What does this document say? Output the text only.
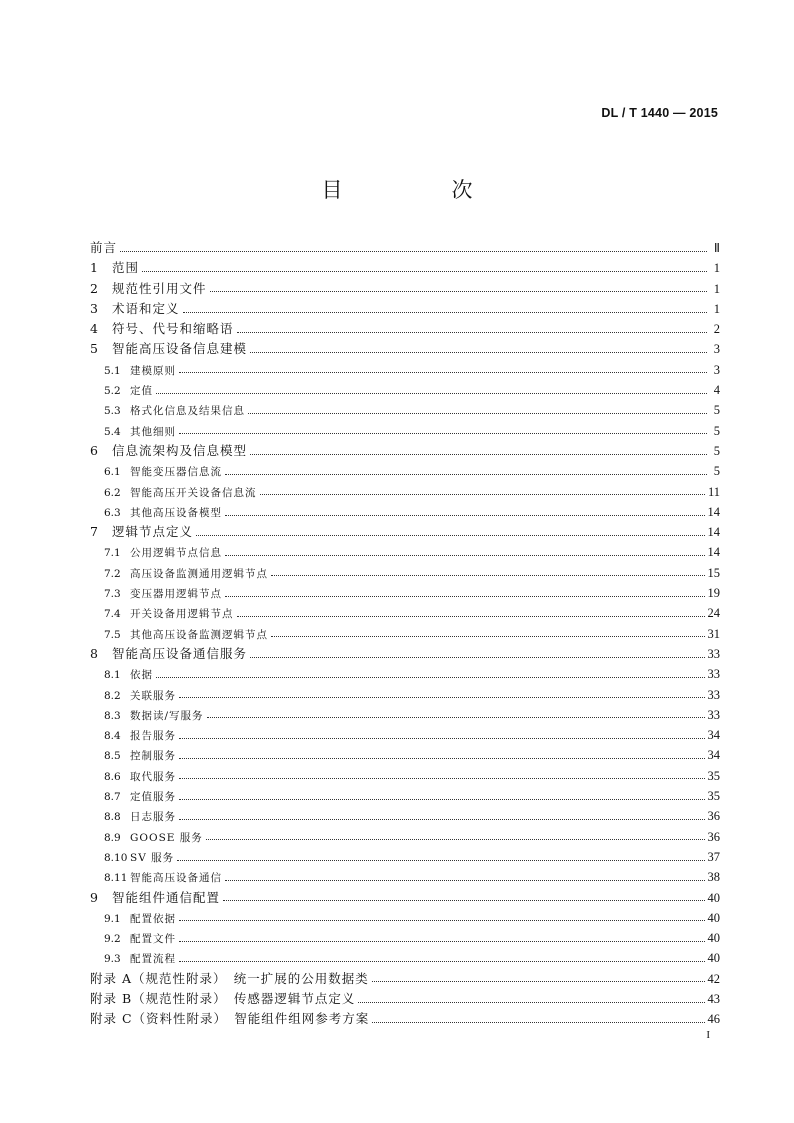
DL / T 1440 — 2015
目　次
前言	Ⅱ
1	范围	1
2	规范性引用文件	1
3	术语和定义	1
4	符号、代号和缩略语	2
5	智能高压设备信息建模	3
5.1 建模原则	3
5.2 定值	4
5.3 格式化信息及结果信息	5
5.4 其他细则	5
6	信息流架构及信息模型	5
6.1 智能变压器信息流	5
6.2 智能高压开关设备信息流	11
6.3 其他高压设备模型	14
7	逻辑节点定义	14
7.1 公用逻辑节点信息	14
7.2 高压设备监测通用逻辑节点	15
7.3 变压器用逻辑节点	19
7.4 开关设备用逻辑节点	24
7.5 其他高压设备监测逻辑节点	31
8	智能高压设备通信服务	33
8.1 依据	33
8.2 关联服务	33
8.3 数据读/写服务	33
8.4 报告服务	34
8.5 控制服务	34
8.6 取代服务	35
8.7 定值服务	35
8.8 日志服务	36
8.9 GOOSE 服务	36
8.10 SV 服务	37
8.11 智能高压设备通信	38
9	智能组件通信配置	40
9.1 配置依据	40
9.2 配置文件	40
9.3 配置流程	40
附录 A（规范性附录）　统一扩展的公用数据类	42
附录 B（规范性附录）　传感器逻辑节点定义	43
附录 C（资料性附录）　智能组件组网参考方案	46
I
